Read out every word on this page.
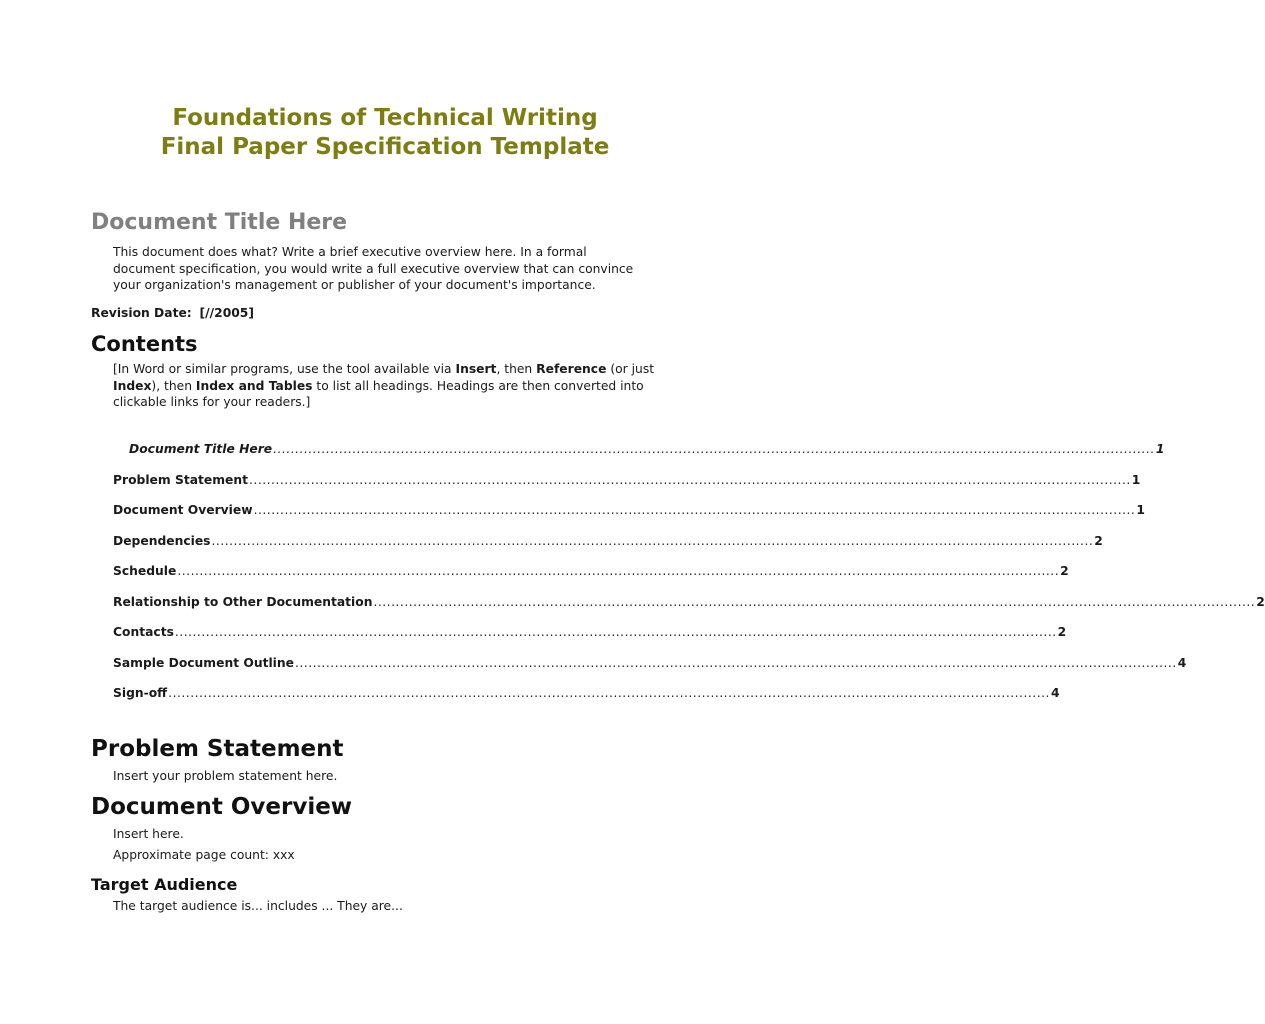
Foundations of Technical Writing
Final Paper Specification Template
Document Title Here
This document does what? Write a brief executive overview here. In a formal
document specification, you would write a full executive overview that can convince
your organization's management or publisher of your document's importance.
Revision Date: [//2005]
Contents
[In Word or similar programs, use the tool available via Insert, then Reference (or just Index), then Index and Tables to list all headings. Headings are then converted into clickable links for your readers.]
Document Title Here ........................................................................................................................................................................................................ 1
Problem Statement ........................................................................................................................................................................................................ 1
Document Overview ........................................................................................................................................................................................................ 1
Dependencies ........................................................................................................................................................................................................ 2
Schedule ........................................................................................................................................................................................................ 2
Relationship to Other Documentation ........................................................................................................................................................................................................ 2
Contacts ........................................................................................................................................................................................................ 2
Sample Document Outline ........................................................................................................................................................................................................ 4
Sign-off ........................................................................................................................................................................................................ 4
Problem Statement
Insert your problem statement here.
Document Overview
Insert here.
Approximate page count: xxx
Target Audience
The target audience is... includes ... They are...
